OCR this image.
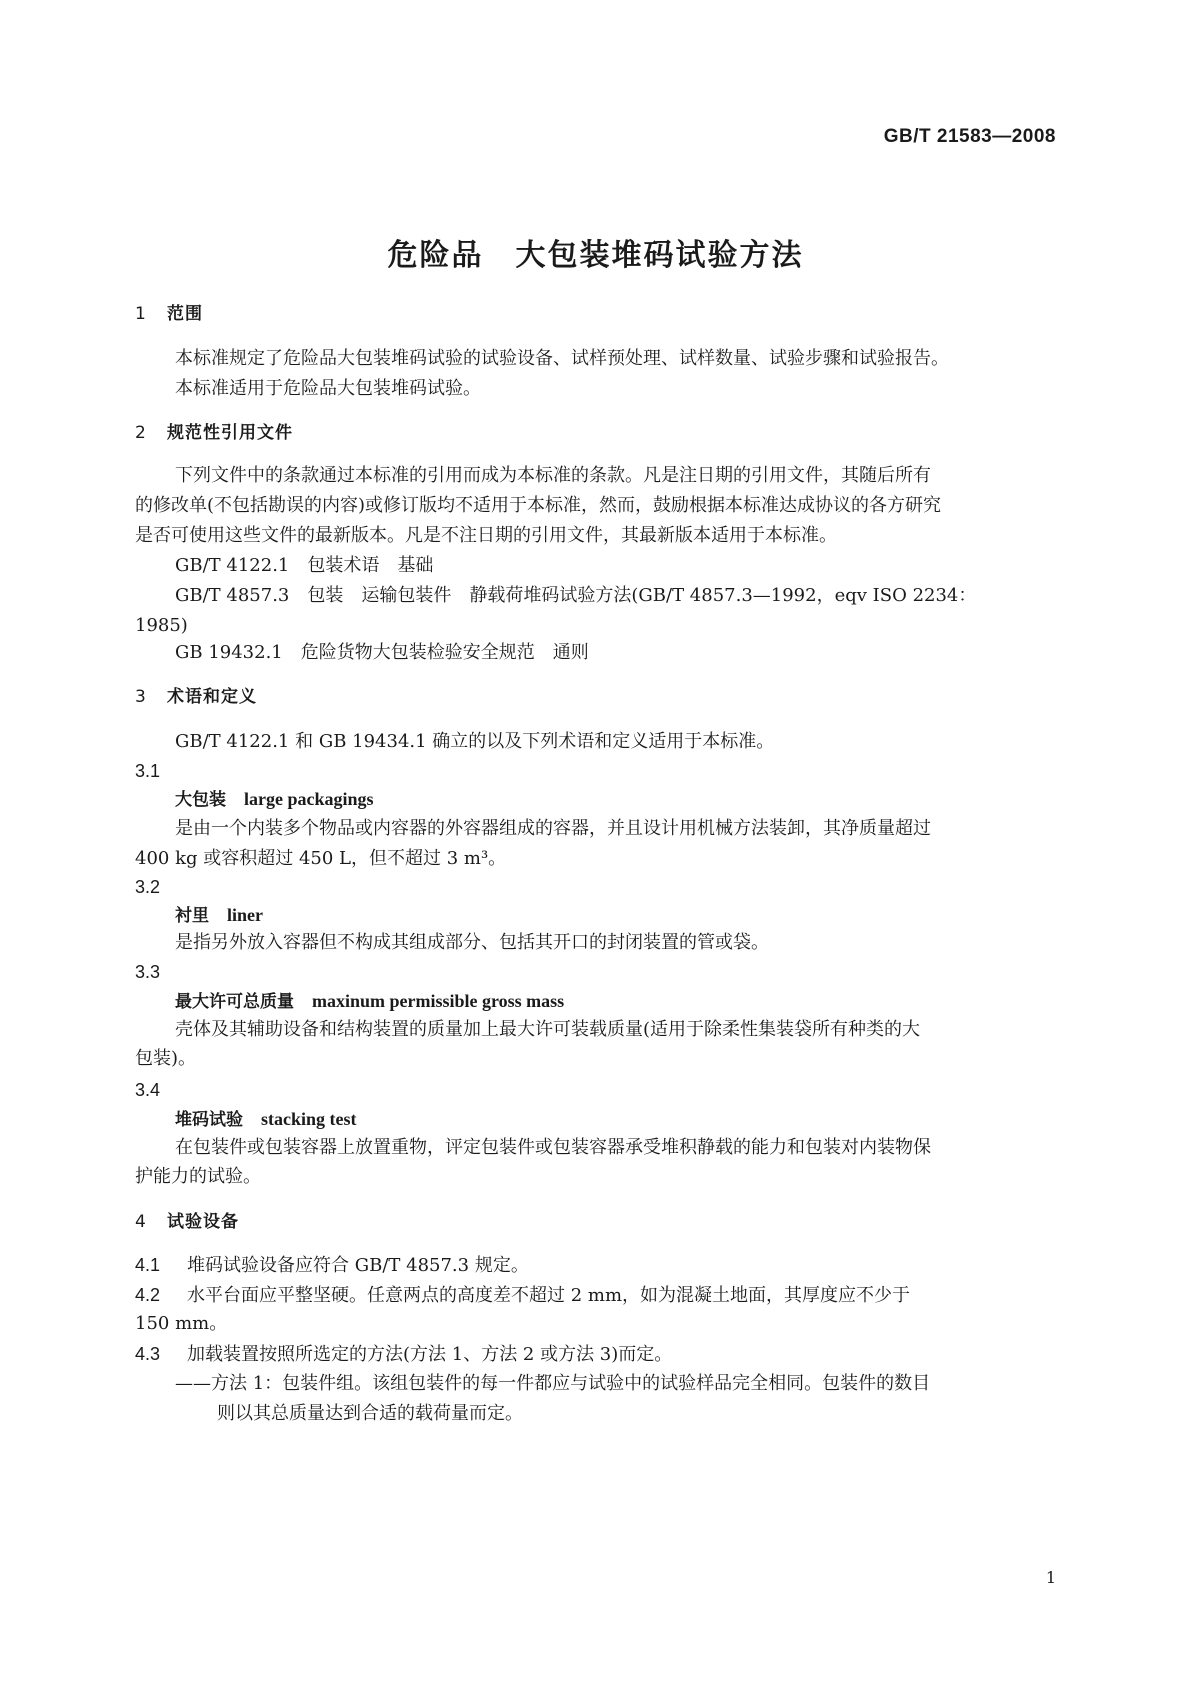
GB/T 21583—2008
危险品 大包装堆码试验方法
1 范围
本标准规定了危险品大包装堆码试验的试验设备、试样预处理、试样数量、试验步骤和试验报告。
本标准适用于危险品大包装堆码试验。
2 规范性引用文件
下列文件中的条款通过本标准的引用而成为本标准的条款。凡是注日期的引用文件，其随后所有
的修改单(不包括勘误的内容)或修订版均不适用于本标准，然而，鼓励根据本标准达成协议的各方研究
是否可使用这些文件的最新版本。凡是不注日期的引用文件，其最新版本适用于本标准。
GB/T 4122.1　包装术语　基础
GB/T 4857.3　包装　运输包装件　静载荷堆码试验方法(GB/T 4857.3—1992，eqv ISO 2234：
1985)
GB 19432.1　危险货物大包装检验安全规范　通则
3 术语和定义
GB/T 4122.1 和 GB 19434.1 确立的以及下列术语和定义适用于本标准。
3.1
大包装 large packagings
是由一个内装多个物品或内容器的外容器组成的容器，并且设计用机械方法装卸，其净质量超过
400 kg 或容积超过 450 L，但不超过 3 m³。
3.2
衬里 liner
是指另外放入容器但不构成其组成部分、包括其开口的封闭装置的管或袋。
3.3
最大许可总质量 maxinum permissible gross mass
壳体及其辅助设备和结构装置的质量加上最大许可装载质量(适用于除柔性集装袋所有种类的大
包装)。
3.4
堆码试验 stacking test
在包装件或包装容器上放置重物，评定包装件或包装容器承受堆积静载的能力和包装对内装物保
护能力的试验。
4 试验设备
4.1 堆码试验设备应符合 GB/T 4857.3 规定。
4.2 水平台面应平整坚硬。任意两点的高度差不超过 2 mm，如为混凝土地面，其厚度应不少于
150 mm。
4.3 加载装置按照所选定的方法(方法 1、方法 2 或方法 3)而定。
——方法 1：包装件组。该组包装件的每一件都应与试验中的试验样品完全相同。包装件的数目
则以其总质量达到合适的载荷量而定。
1
